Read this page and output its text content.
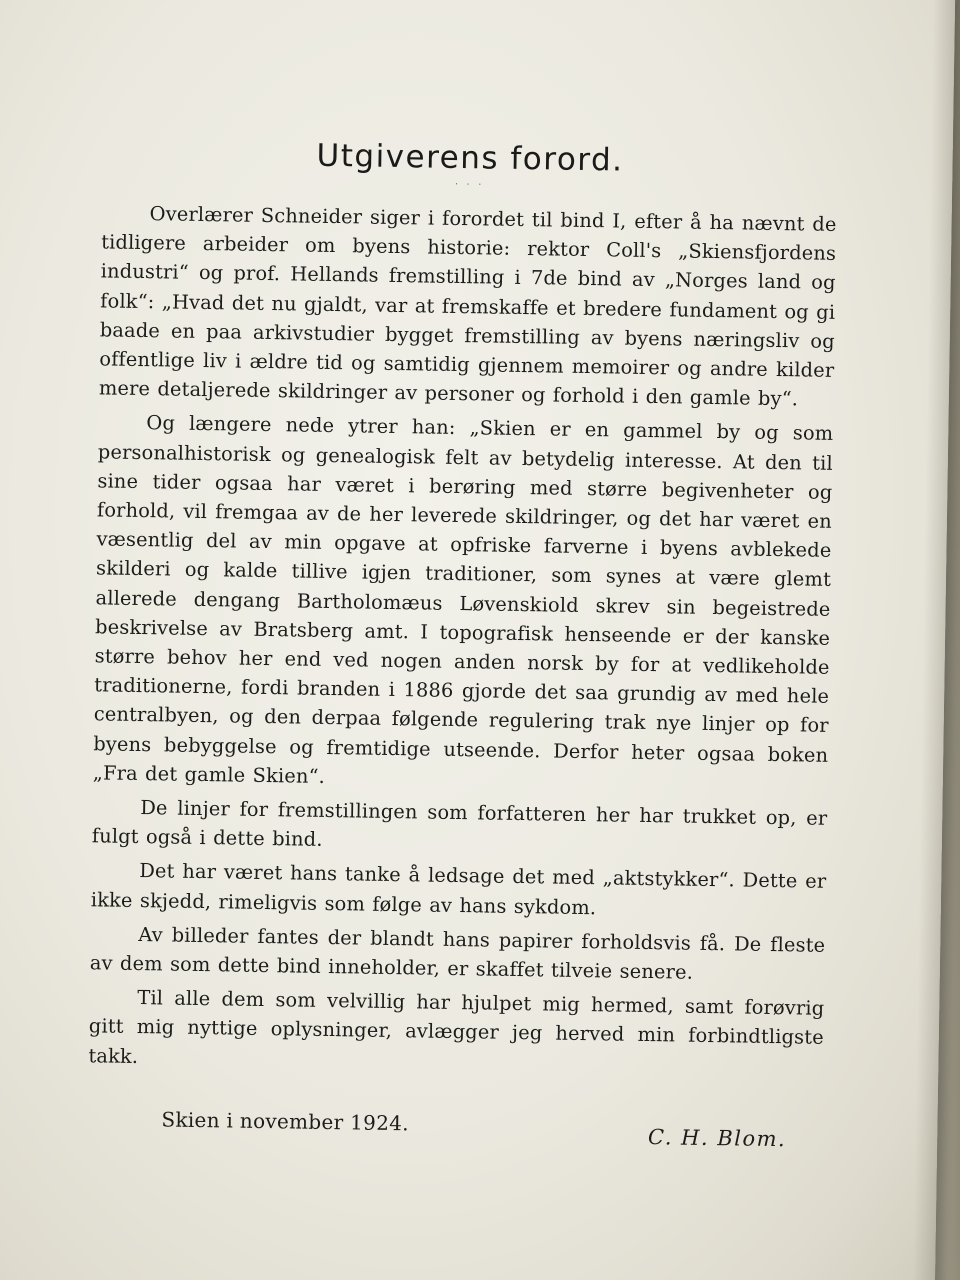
Utgiverens forord.
· · ·

Overlærer Schneider siger i forordet til bind I, efter å ha nævnt de tidligere arbeider om byens historie: rektor Coll's „Skiensfjordens industri“ og prof. Hellands fremstilling i 7de bind av „Norges land og folk“: „Hvad det nu gjaldt, var at fremskaffe et bredere fundament og gi baade en paa arkivstudier bygget fremstilling av byens næringsliv og offentlige liv i ældre tid og samtidig gjennem memoirer og andre kilder mere detaljerede skildringer av personer og forhold i den gamle by“.

Og længere nede ytrer han: „Skien er en gammel by og som personalhistorisk og genealogisk felt av betydelig interesse. At den til sine tider ogsaa har været i berøring med større begivenheter og forhold, vil fremgaa av de her leverede skildringer, og det har været en væsentlig del av min opgave at opfriske farverne i byens avblekede skilderi og kalde tillive igjen traditioner, som synes at være glemt allerede dengang Bartholomæus Løvenskiold skrev sin begeistrede beskrivelse av Bratsberg amt. I topografisk henseende er der kanske større behov her end ved nogen anden norsk by for at vedlikeholde traditionerne, fordi branden i 1886 gjorde det saa grundig av med hele centralbyen, og den derpaa følgende regulering trak nye linjer op for byens bebyggelse og fremtidige utseende. Derfor heter ogsaa boken „Fra det gamle Skien“.

De linjer for fremstillingen som forfatteren her har trukket op, er fulgt også i dette bind.

Det har været hans tanke å ledsage det med „aktstykker“. Dette er ikke skjedd, rimeligvis som følge av hans sykdom.

Av billeder fantes der blandt hans papirer forholdsvis få. De fleste av dem som dette bind inneholder, er skaffet tilveie senere.

Til alle dem som velvillig har hjulpet mig hermed, samt forøvrig gitt mig nyttige oplysninger, avlægger jeg herved min forbindtligste takk.

Skien i november 1924.
C. H. Blom.
